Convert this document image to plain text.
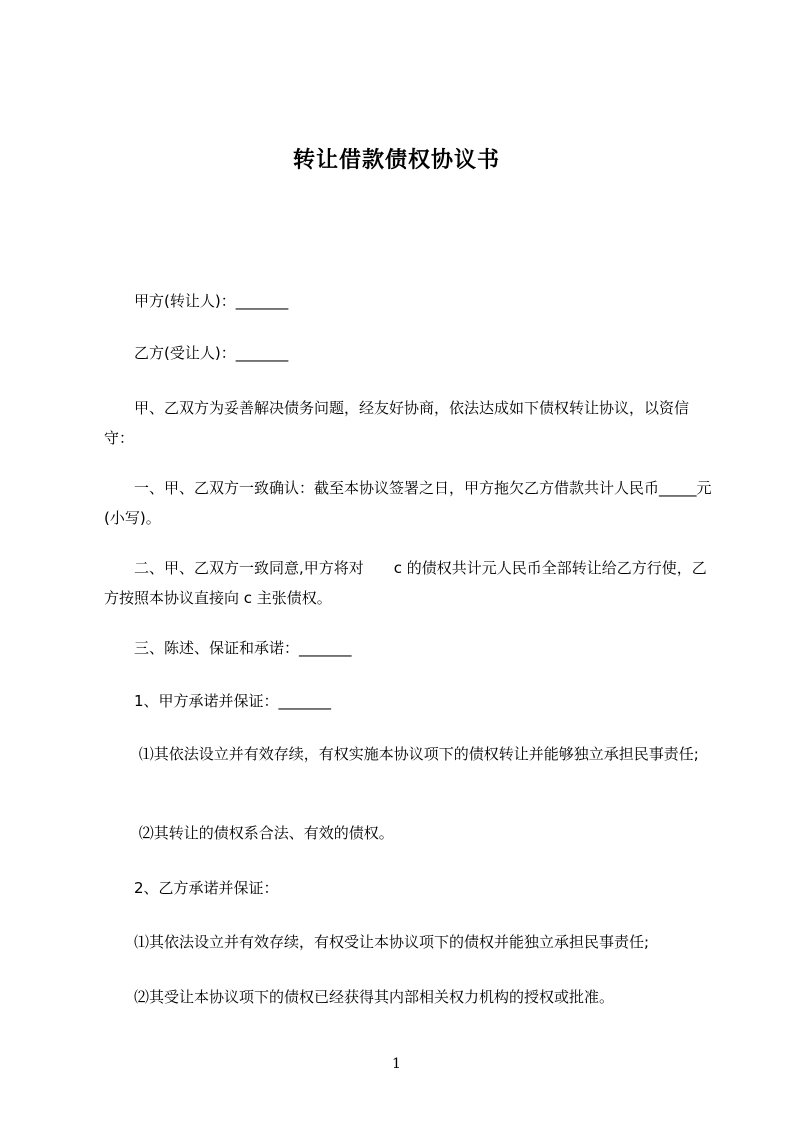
转让借款债权协议书
　　甲方(转让人)：_______
　　乙方(受让人)：_______
　　甲、乙双方为妥善解决债务问题，经友好协商，依法达成如下债权转让协议，以资信守：
　　一、甲、乙双方一致确认：截至本协议签署之日，甲方拖欠乙方借款共计人民币_____元 (小写)。
　　二、甲、乙双方一致同意,甲方将对　　c 的债权共计元人民币全部转让给乙方行使，乙方按照本协议直接向 c 主张债权。
　　三、陈述、保证和承诺：_______
　　1、甲方承诺并保证：_______
　　 ⑴其依法设立并有效存续，有权实施本协议项下的债权转让并能够独立承担民事责任;
　　 ⑵其转让的债权系合法、有效的债权。
　　2、乙方承诺并保证：
　　⑴其依法设立并有效存续，有权受让本协议项下的债权并能独立承担民事责任;
　　⑵其受让本协议项下的债权已经获得其内部相关权力机构的授权或批准。
1
